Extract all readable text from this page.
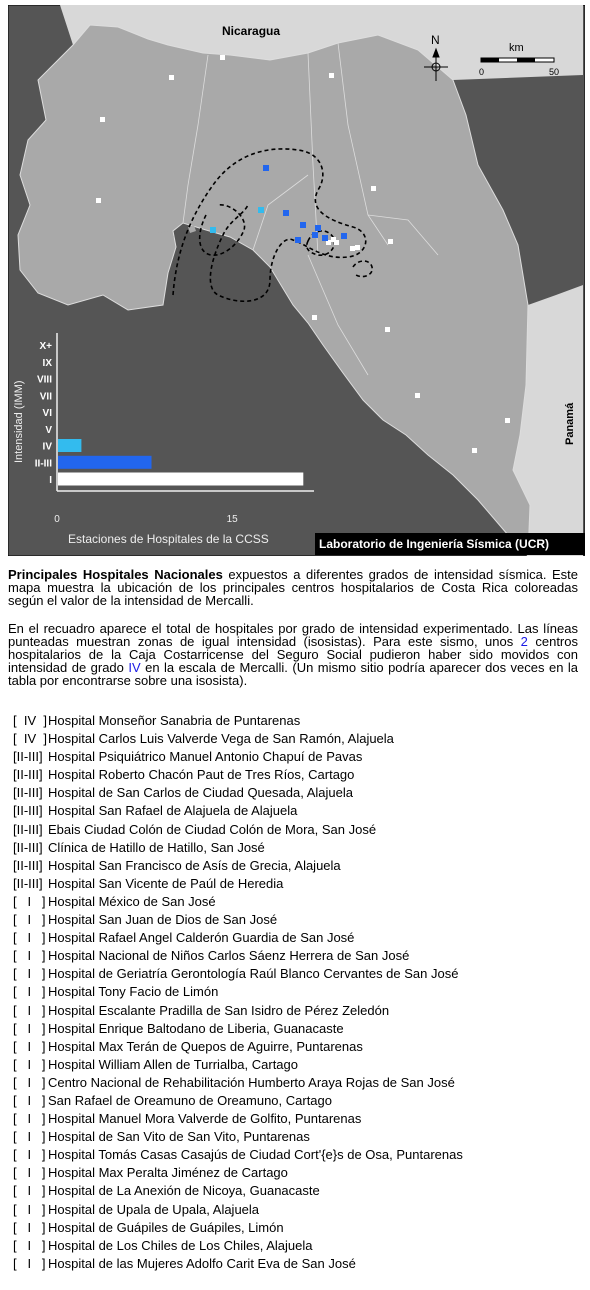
Nicaragua
Panamá
N
km
0	50
X+
IX
VIII
VII
VI
V
IV
II-III
I
0	15
Intensidad (IMM)
Estaciones de Hospitales de la CCSS	Laboratorio de Ingeniería Sísmica (UCR)
Principales Hospitales Nacionales expuestos a diferentes grados de intensidad sísmica. Este mapa muestra la ubicación de los principales centros hospitalarios de Costa Rica coloreadas según el valor de la intensidad de Mercalli.
En el recuadro aparece el total de hospitales por grado de intensidad experimentado. Las líneas punteadas muestran zonas de igual intensidad (isosistas). Para este sismo, unos 2 centros hospitalarios de la Caja Costarricense del Seguro Social pudieron haber sido movidos con intensidad de grado IV en la escala de Mercalli. (Un mismo sitio podría aparecer dos veces en la tabla por encontrarse sobre una isosista).
[  IV  ]Hospital Monseñor Sanabria de Puntarenas
[  IV  ]Hospital Carlos Luis Valverde Vega de San Ramón, Alajuela
[II-III] Hospital Psiquiátrico Manuel Antonio Chapuí de Pavas
[II-III] Hospital Roberto Chacón Paut de Tres Ríos, Cartago
[II-III] Hospital de San Carlos de Ciudad Quesada, Alajuela
[II-III] Hospital San Rafael de Alajuela de Alajuela
[II-III] Ebais Ciudad Colón de Ciudad Colón de Mora, San José
[II-III] Clínica de Hatillo de Hatillo, San José
[II-III] Hospital San Francisco de Asís de Grecia, Alajuela
[II-III] Hospital San Vicente de Paúl de Heredia
[   I   ] Hospital México de San José
[   I   ] Hospital San Juan de Dios de San José
[   I   ] Hospital Rafael Angel Calderón Guardia de San José
[   I   ] Hospital Nacional de Niños Carlos Sáenz Herrera de San José
[   I   ] Hospital de Geriatría Gerontología Raúl Blanco Cervantes de San José
[   I   ] Hospital Tony Facio de Limón
[   I   ] Hospital Escalante Pradilla de San Isidro de Pérez Zeledón
[   I   ] Hospital Enrique Baltodano de Liberia, Guanacaste
[   I   ] Hospital Max Terán de Quepos de Aguirre, Puntarenas
[   I   ] Hospital William Allen de Turrialba, Cartago
[   I   ] Centro Nacional de Rehabilitación Humberto Araya Rojas de San José
[   I   ] San Rafael de Oreamuno de Oreamuno, Cartago
[   I   ] Hospital Manuel Mora Valverde de Golfito, Puntarenas
[   I   ] Hospital de San Vito de San Vito, Puntarenas
[   I   ] Hospital Tomás Casas Casajús de Ciudad Cort'{e}s de Osa, Puntarenas
[   I   ] Hospital Max Peralta Jiménez de Cartago
[   I   ] Hospital de La Anexión de Nicoya, Guanacaste
[   I   ] Hospital de Upala de Upala, Alajuela
[   I   ] Hospital de Guápiles de Guápiles, Limón
[   I   ] Hospital de Los Chiles de Los Chiles, Alajuela
[   I   ] Hospital de las Mujeres Adolfo Carit Eva de San José
